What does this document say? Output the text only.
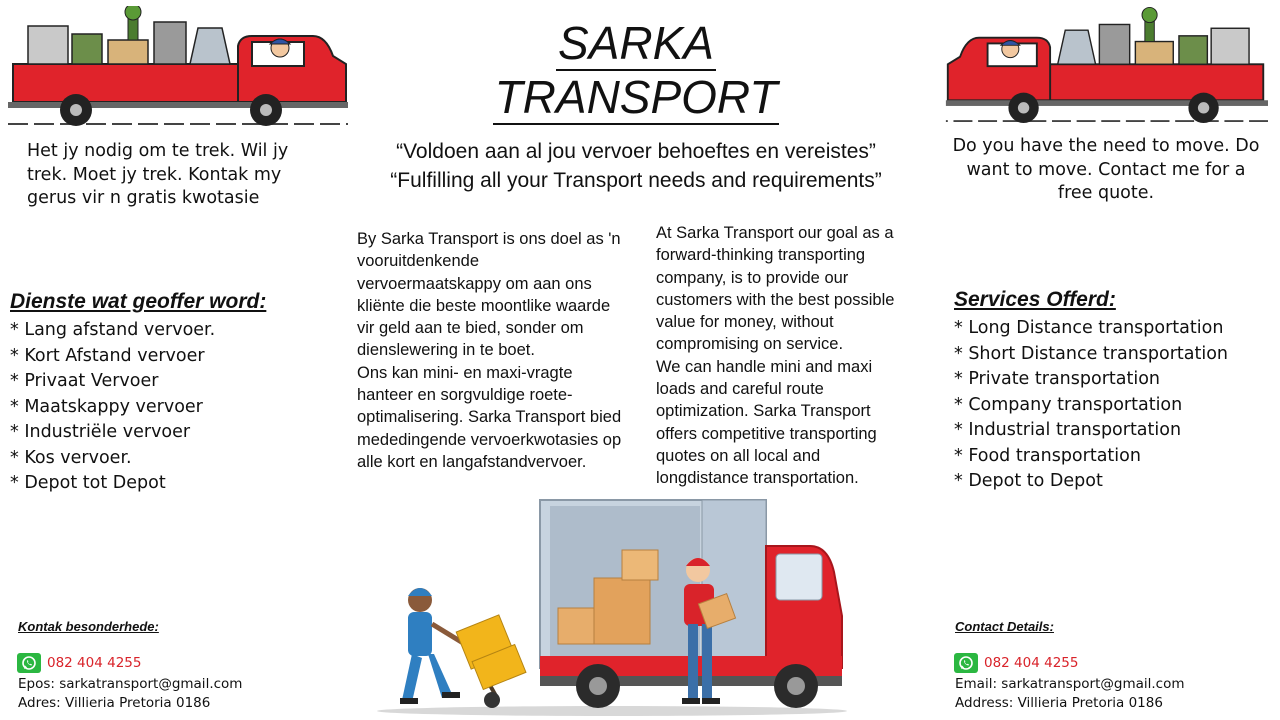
SARKA
TRANSPORT
“Voldoen aan al jou vervoer behoeftes en vereistes”
“Fulfilling all your Transport needs and requirements”
Het jy nodig om te trek. Wil jy trek. Moet jy trek. Kontak my gerus vir n gratis kwotasie
Do you have the need to move. Do want to move. Contact me for a free quote.
By Sarka Transport is ons doel as 'n
vooruitdenkende
vervoermaatskappy om aan ons
kliënte die beste moontlike waarde
vir geld aan te bied, sonder om
dienslewering in te boet.
Ons kan mini- en maxi-vragte
hanteer en sorgvuldige roete-
optimalisering. Sarka Transport bied
mededingende vervoerkwotasies op
alle kort en langafstandvervoer.
At Sarka Transport our goal as a
forward-thinking transporting
company, is to provide our
customers with the best possible
value for money, without
compromising on service.
We can handle mini and maxi
loads and careful route
optimization. Sarka Transport
offers competitive transporting
quotes on all local and
longdistance transportation.
Dienste wat geoffer word:
* Lang afstand vervoer.
* Kort Afstand vervoer
* Privaat Vervoer
* Maatskappy vervoer
* Industriële vervoer
* Kos vervoer.
* Depot tot Depot
Services Offerd:
* Long Distance transportation
* Short Distance transportation
* Private transportation
* Company transportation
* Industrial transportation
* Food transportation
* Depot to Depot
Kontak besonderhede:
082 404 4255
Epos: sarkatransport@gmail.com
Adres: Villieria Pretoria 0186
Contact Details:
082 404 4255
Email: sarkatransport@gmail.com
Address: Villieria Pretoria 0186
